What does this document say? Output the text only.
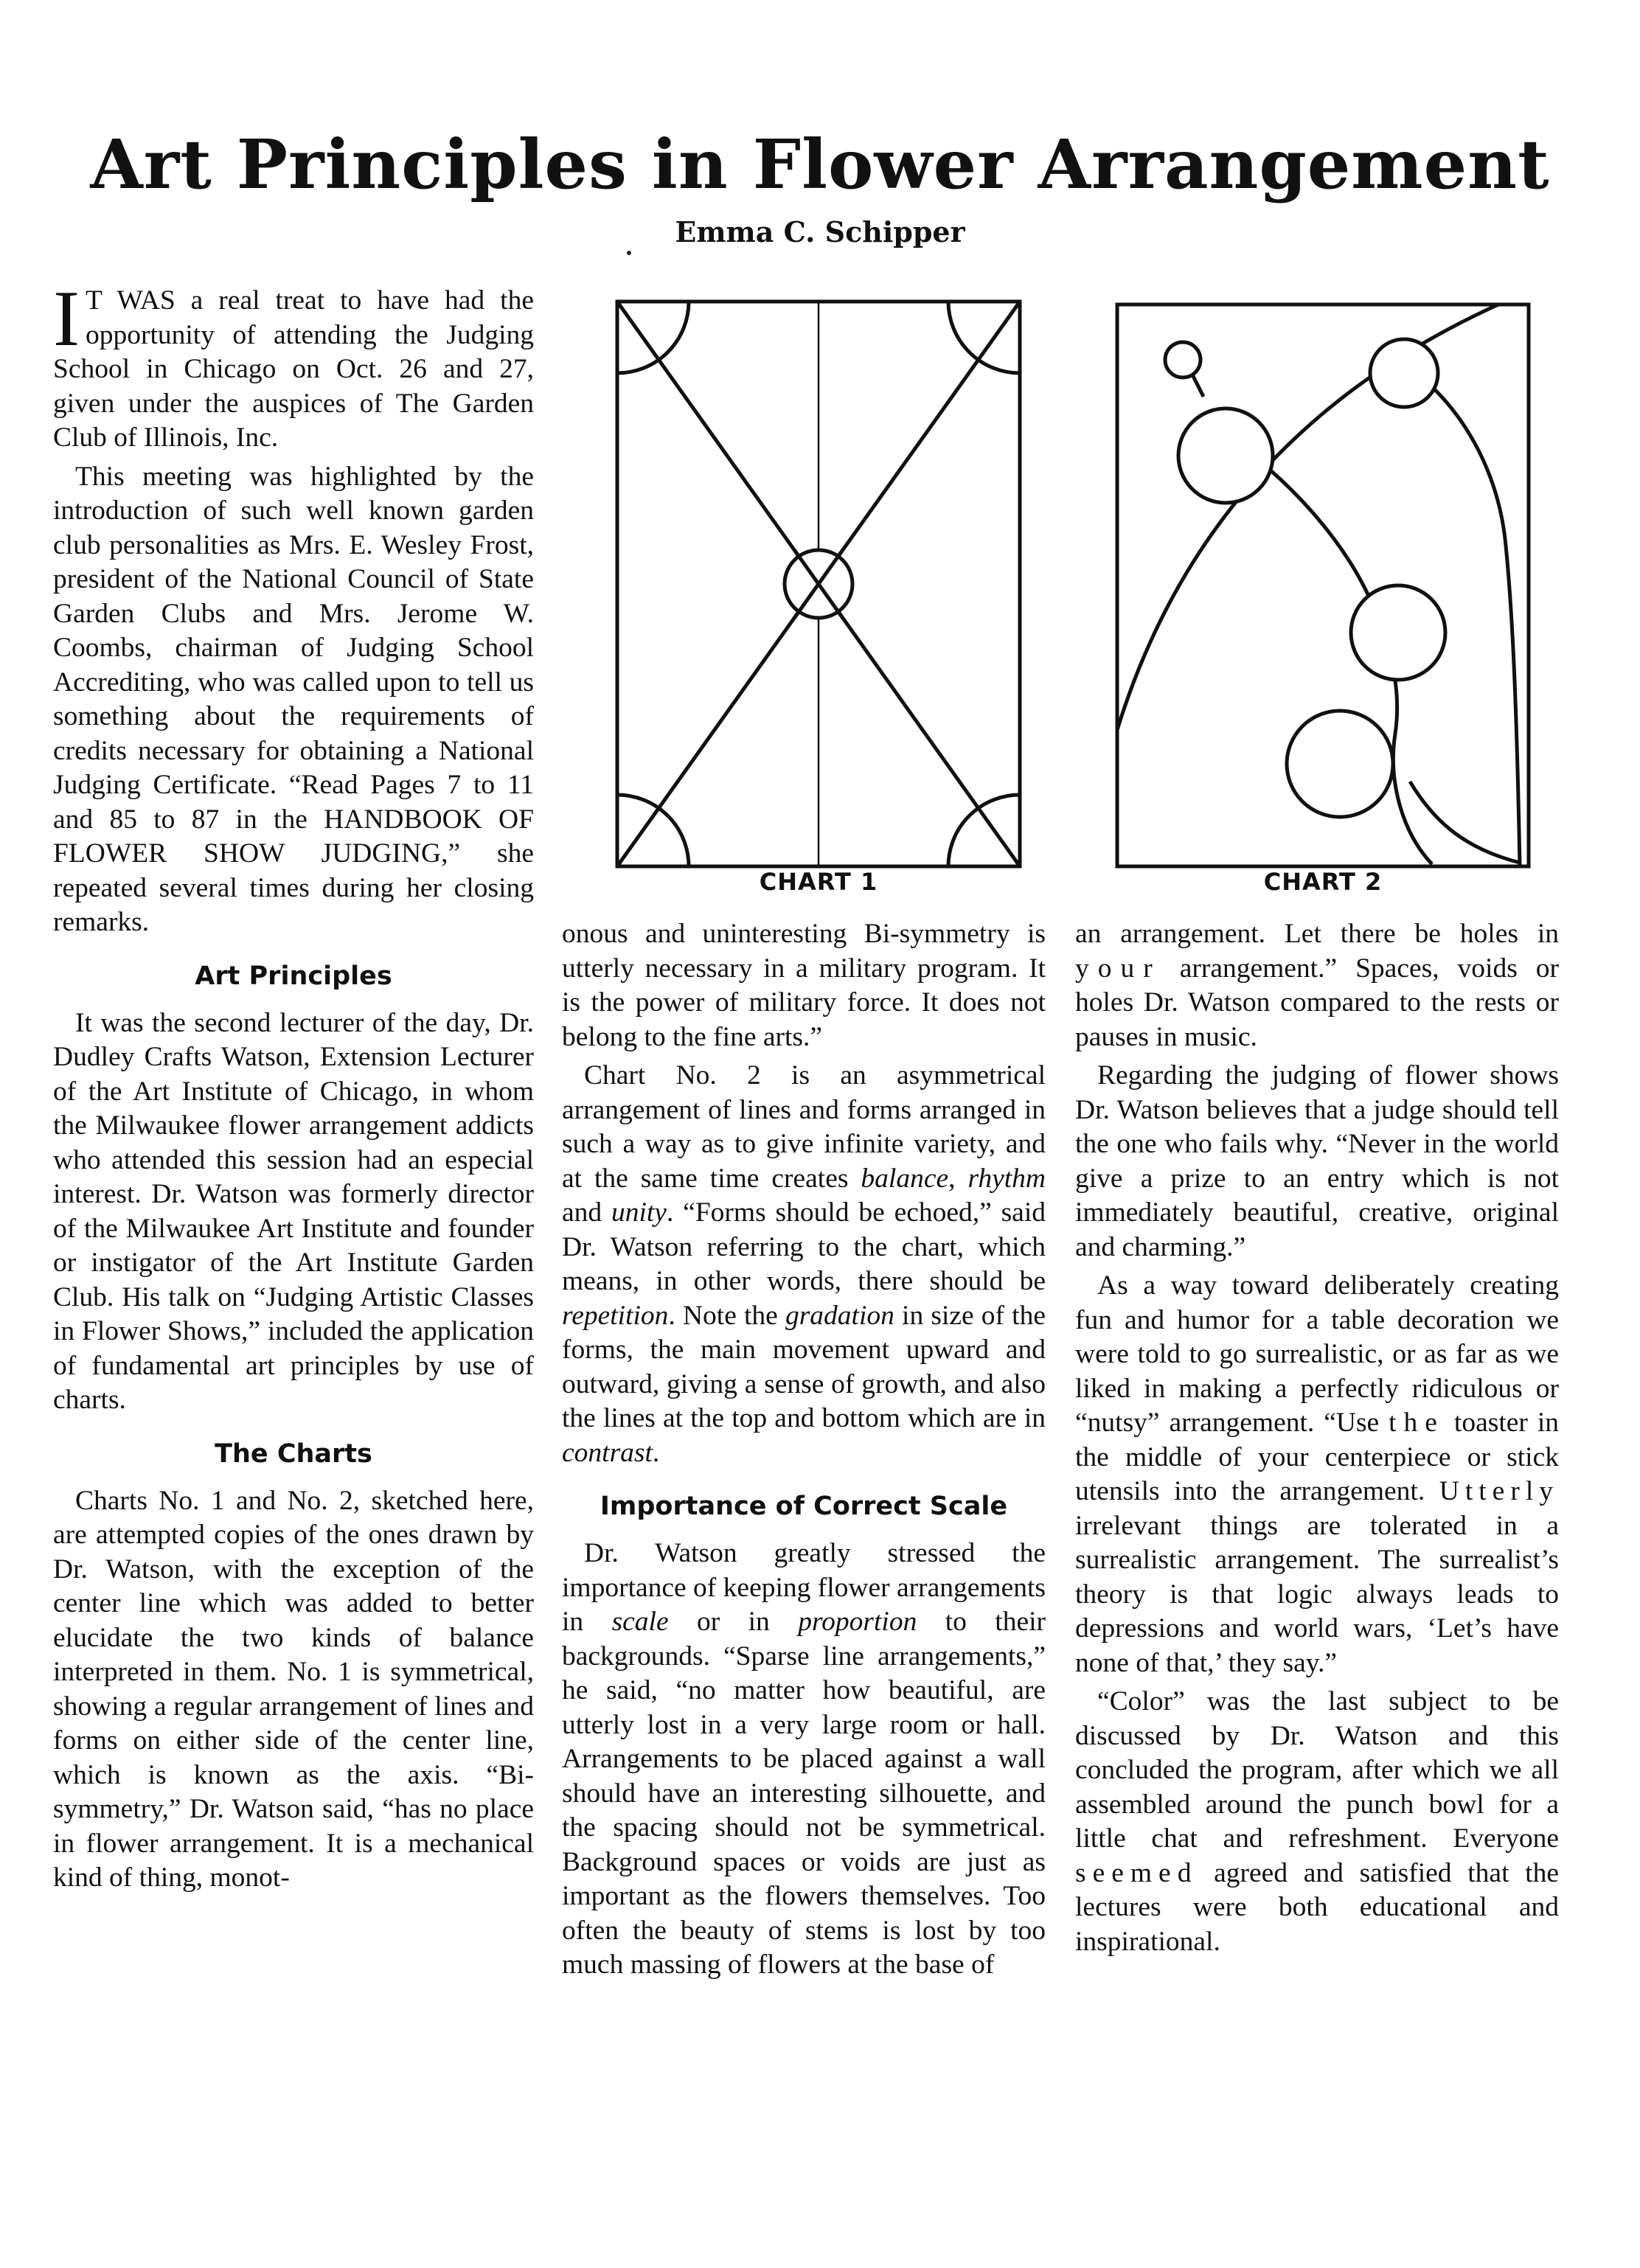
Art Principles in Flower Arrangement
Emma C. Schipper

I T WAS a real treat to have had the opportunity of attending the Judging School in Chicago on Oct. 26 and 27, given under the auspices of The Garden Club of Illinois, Inc.

This meeting was highlighted by the introduction of such well known garden club personalities as Mrs. E. Wesley Frost, president of the National Council of State Garden Clubs and Mrs. Jerome W. Coombs, chairman of Judging School Accrediting, who was called upon to tell us something about the requirements of credits necessary for obtaining a National Judging Certificate. “Read Pages 7 to 11 and 85 to 87 in the HANDBOOK OF FLOWER SHOW JUDGING,” she repeated several times during her closing remarks.

Art Principles

It was the second lecturer of the day, Dr. Dudley Crafts Watson, Extension Lecturer of the Art Institute of Chicago, in whom the Milwaukee flower arrangement addicts who attended this session had an especial interest. Dr. Watson was formerly director of the Milwaukee Art Institute and founder or instigator of the Art Institute Garden Club. His talk on “Judging Artistic Classes in Flower Shows,” included the application of fundamental art principles by use of charts.

The Charts

Charts No. 1 and No. 2, sketched here, are attempted copies of the ones drawn by Dr. Watson, with the exception of the center line which was added to better elucidate the two kinds of balance interpreted in them. No. 1 is symmetrical, showing a regular arrangement of lines and forms on either side of the center line, which is known as the axis. “Bi-symmetry,” Dr. Watson said, “has no place in flower arrangement. It is a mechanical kind of thing, monot-

CHART 1	CHART 2

onous and uninteresting Bi-symmetry is utterly necessary in a military program. It is the power of military force. It does not belong to the fine arts.”

Chart No. 2 is an asymmetrical arrangement of lines and forms arranged in such a way as to give infinite variety, and at the same time creates balance, rhythm and unity. “Forms should be echoed,” said Dr. Watson referring to the chart, which means, in other words, there should be repetition. Note the gradation in size of the forms, the main movement upward and outward, giving a sense of growth, and also the lines at the top and bottom which are in contrast.

Importance of Correct Scale

Dr. Watson greatly stressed the importance of keeping flower arrangements in scale or in proportion to their backgrounds. “Sparse line arrangements,” he said, “no matter how beautiful, are utterly lost in a very large room or hall. Arrangements to be placed against a wall should have an interesting silhouette, and the spacing should not be symmetrical. Background spaces or voids are just as important as the flowers themselves. Too often the beauty of stems is lost by too much massing of flowers at the base of

an arrangement. Let there be holes in your arrangement.” Spaces, voids or holes Dr. Watson compared to the rests or pauses in music.

Regarding the judging of flower shows Dr. Watson believes that a judge should tell the one who fails why. “Never in the world give a prize to an entry which is not immediately beautiful, creative, original and charming.”

As a way toward deliberately creating fun and humor for a table decoration we were told to go surrealistic, or as far as we liked in making a perfectly ridiculous or “nutsy” arrangement. “Use the toaster in the middle of your centerpiece or stick utensils into the arrangement. Utterly irrelevant things are tolerated in a surrealistic arrangement. The surrealist’s theory is that logic always leads to depressions and world wars, ‘Let’s have none of that,’ they say.”

“Color” was the last subject to be discussed by Dr. Watson and this concluded the program, after which we all assembled around the punch bowl for a little chat and refreshment. Everyone seemed agreed and satisfied that the lectures were both educational and inspirational.
